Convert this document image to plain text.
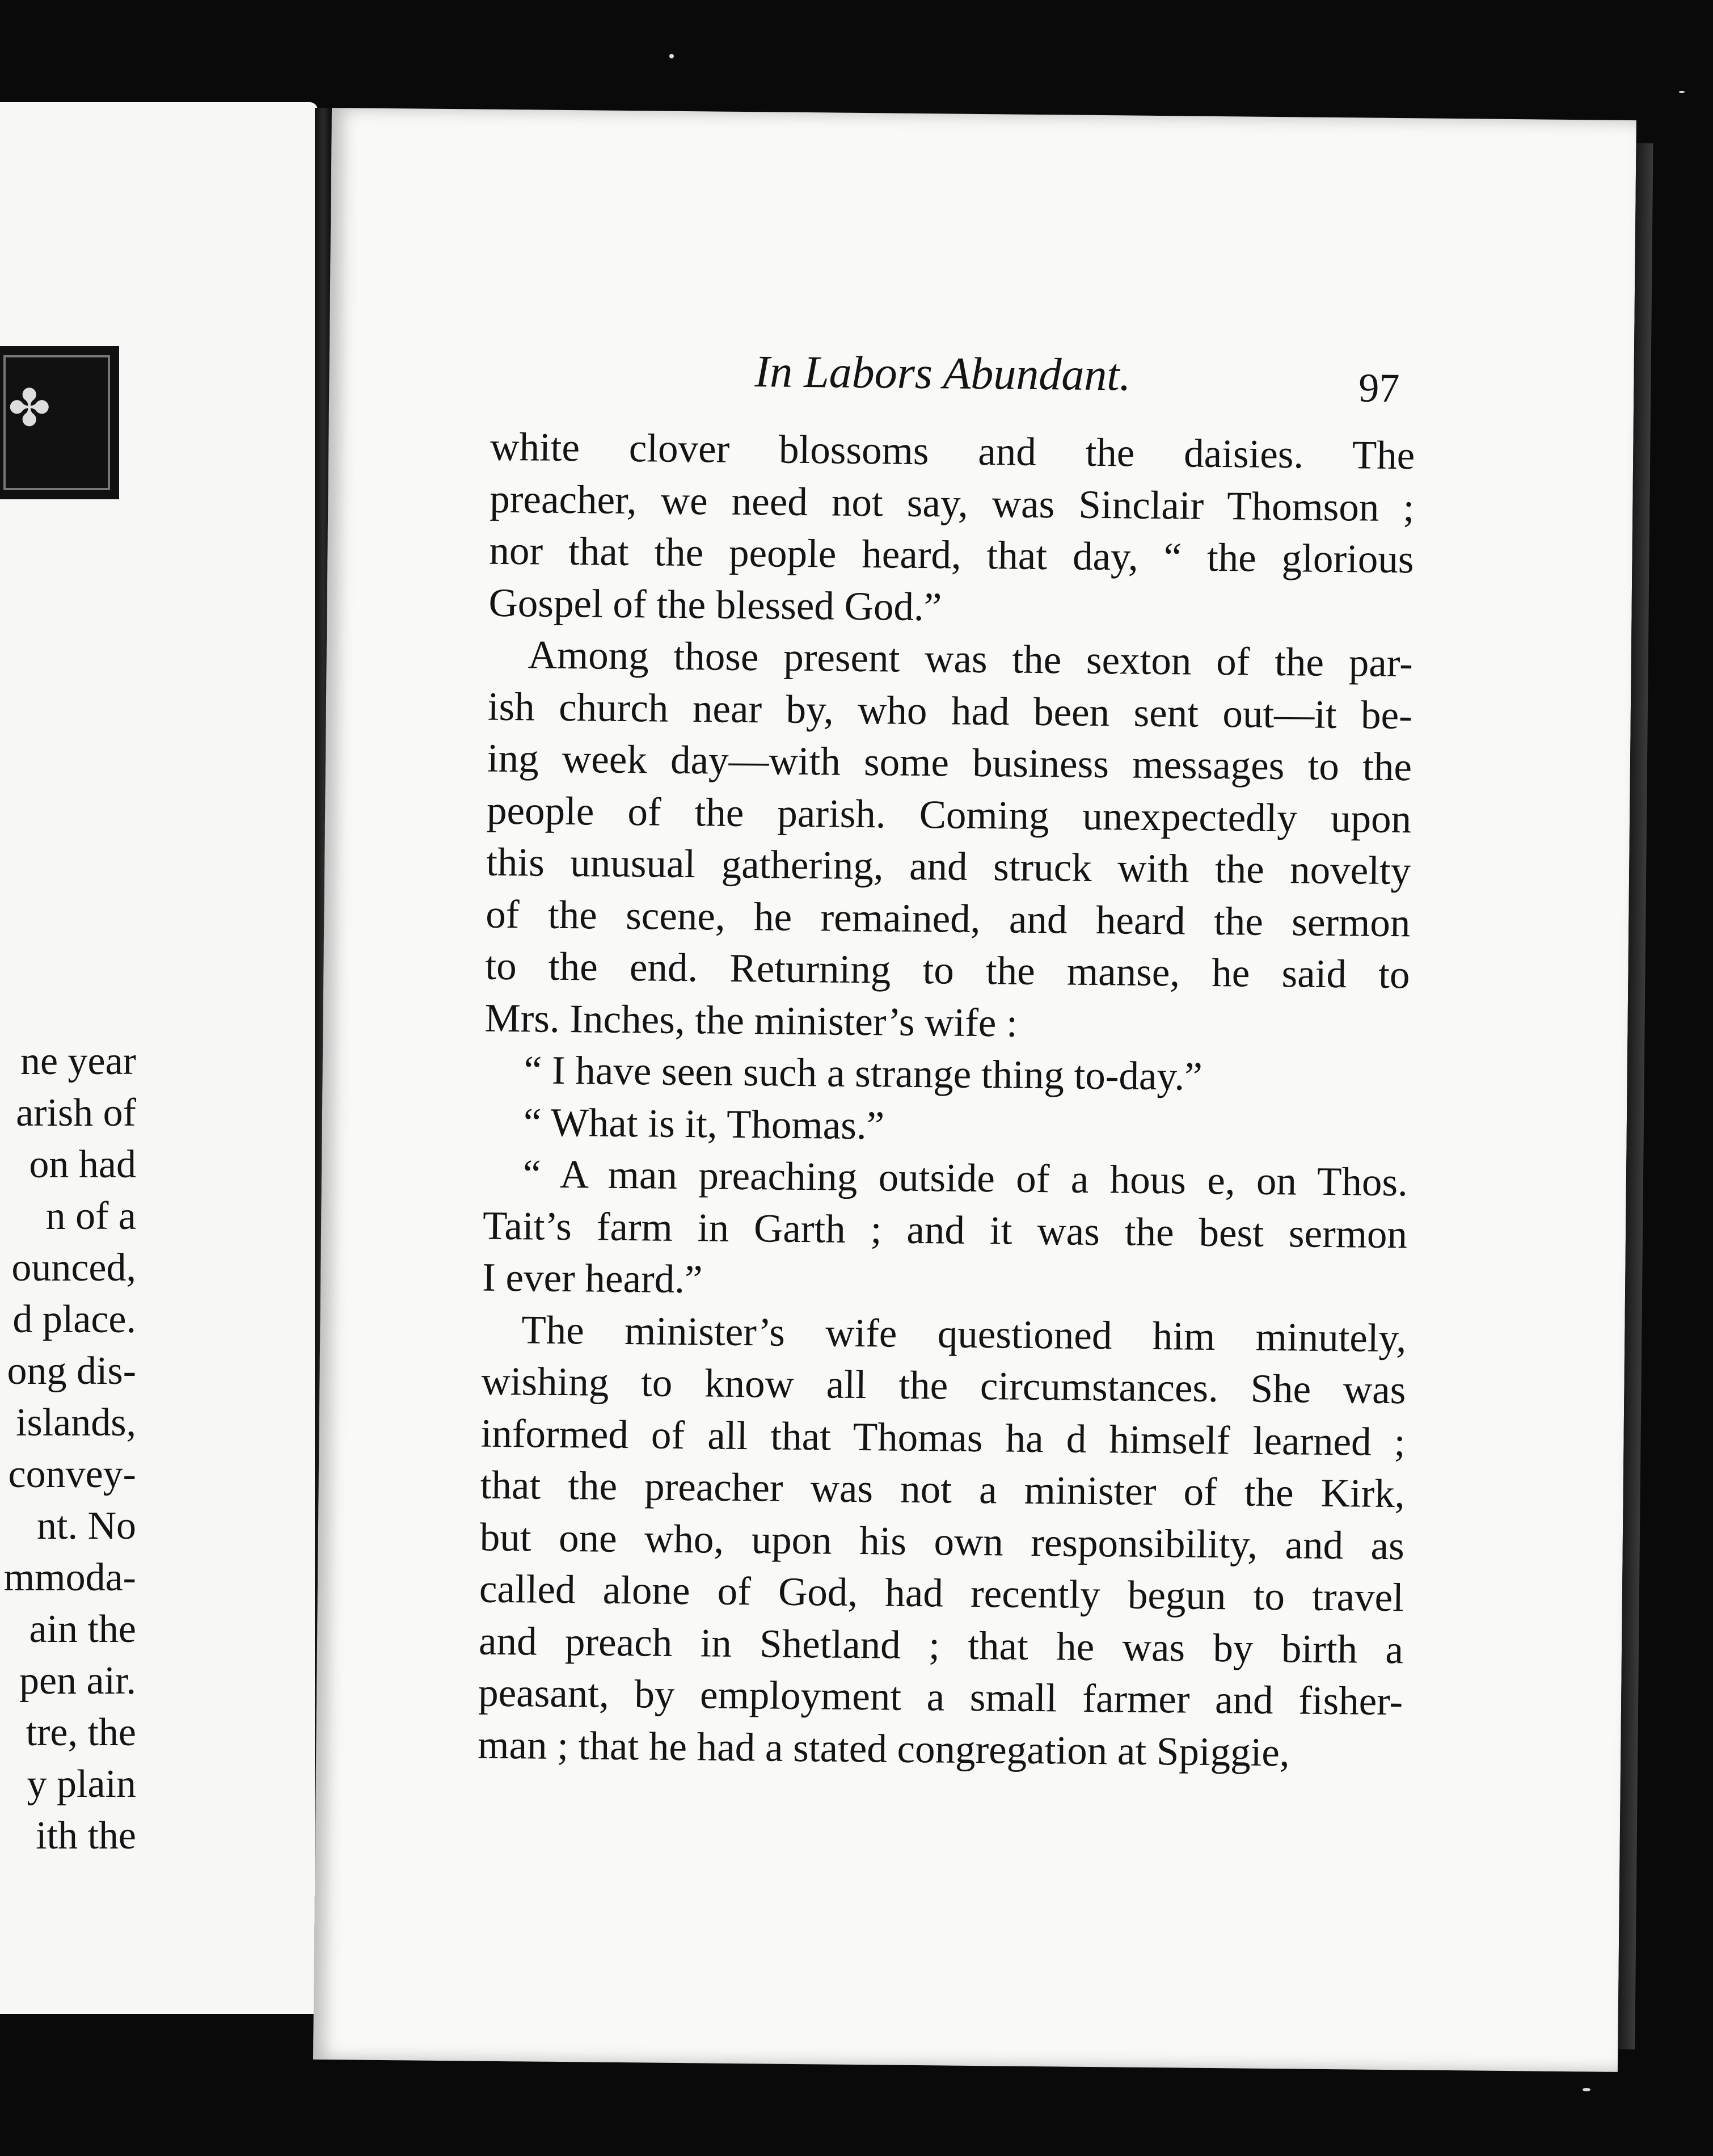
✤
ne year
arish of
on had
n of a
ounced,
d place.
ong dis-
islands,
convey-
nt. No
mmoda-
ain the
pen air.
tre, the
y plain
ith the
In Labors Abundant.	97
white clover blossoms and the daisies. The
preacher, we need not say, was Sinclair Thomson ;
nor that the people heard, that day, “ the glorious
Gospel of the blessed God.”
Among those present was the sexton of the par-
ish church near by, who had been sent out—it be-
ing week day—with some business messages to the
people of the parish. Coming unexpectedly upon
this unusual gathering, and struck with the novelty
of the scene, he remained, and heard the sermon
to the end. Returning to the manse, he said to
Mrs. Inches, the minister’s wife :
“ I have seen such a strange thing to-day.”
“ What is it, Thomas.”
“ A man preaching outside of a hous e, on Thos.
Tait’s farm in Garth ; and it was the best sermon
I ever heard.”
The minister’s wife questioned him minutely,
wishing to know all the circumstances. She was
informed of all that Thomas ha d himself learned ;
that the preacher was not a minister of the Kirk,
but one who, upon his own responsibility, and as
called alone of God, had recently begun to travel
and preach in Shetland ; that he was by birth a
peasant, by employment a small farmer and fisher-
man ; that he had a stated congregation at Spiggie,
